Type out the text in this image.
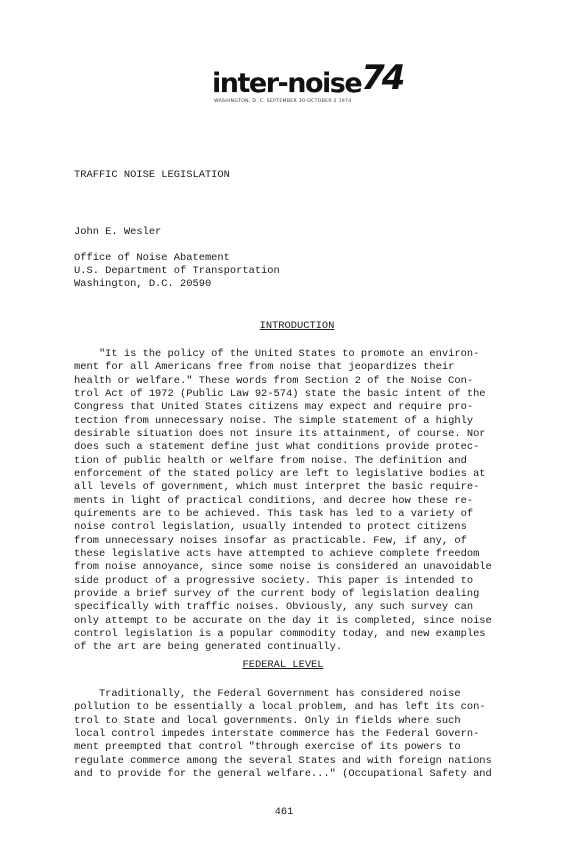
inter-noise74
WASHINGTON, D. C. SEPTEMBER 30-OCTOBER 2 1974
TRAFFIC NOISE LEGISLATION
John E. Wesler
Office of Noise Abatement
U.S. Department of Transportation
Washington, D.C. 20590
INTRODUCTION
"It is the policy of the United States to promote an environ-
ment for all Americans free from noise that jeopardizes their
health or welfare." These words from Section 2 of the Noise Con-
trol Act of 1972 (Public Law 92-574) state the basic intent of the
Congress that United States citizens may expect and require pro-
tection from unnecessary noise. The simple statement of a highly
desirable situation does not insure its attainment, of course. Nor
does such a statement define just what conditions provide protec-
tion of public health or welfare from noise. The definition and
enforcement of the stated policy are left to legislative bodies at
all levels of government, which must interpret the basic require-
ments in light of practical conditions, and decree how these re-
quirements are to be achieved. This task has led to a variety of
noise control legislation, usually intended to protect citizens
from unnecessary noises insofar as practicable. Few, if any, of
these legislative acts have attempted to achieve complete freedom
from noise annoyance, since some noise is considered an unavoidable
side product of a progressive society. This paper is intended to
provide a brief survey of the current body of legislation dealing
specifically with traffic noises. Obviously, any such survey can
only attempt to be accurate on the day it is completed, since noise
control legislation is a popular commodity today, and new examples
of the art are being generated continually.
FEDERAL LEVEL
Traditionally, the Federal Government has considered noise
pollution to be essentially a local problem, and has left its con-
trol to State and local governments. Only in fields where such
local control impedes interstate commerce has the Federal Govern-
ment preempted that control "through exercise of its powers to
regulate commerce among the several States and with foreign nations
and to provide for the general welfare..." (Occupational Safety and
461
